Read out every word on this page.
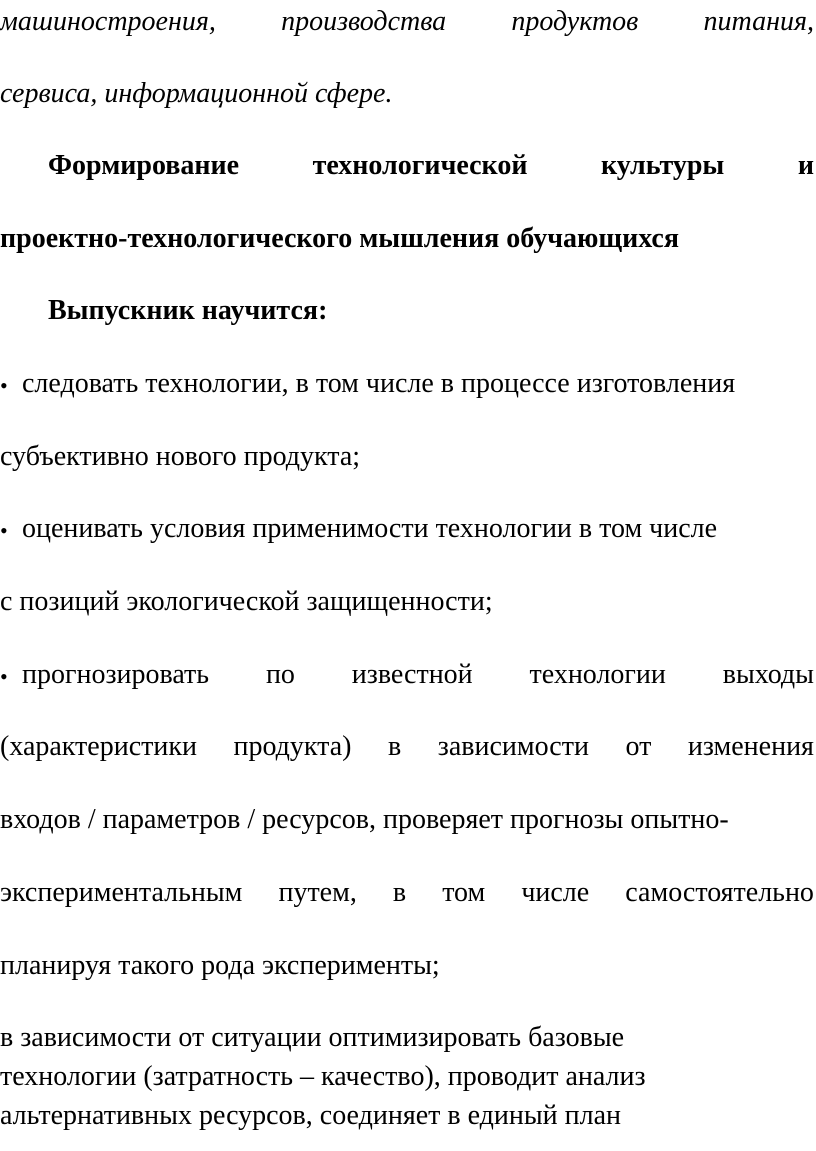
машиностроения, производства продуктов питания,
сервиса, информационной сфере.
Формирование	технологической	культуры	и
проектно-технологического мышления обучающихся
Выпускник научится:
• следовать технологии, в том числе в процессе изготовления
субъективно нового продукта;
• оценивать условия применимости технологии в том числе
с позиций экологической защищенности;
• прогнозировать по известной технологии выходы
(характеристики продукта) в зависимости от изменения
входов / параметров / ресурсов, проверяет прогнозы опытно-
экспериментальным путем, в том числе самостоятельно
планируя такого рода эксперименты;
в зависимости от ситуации оптимизировать базовые
технологии (затратность – качество), проводит анализ
альтернативных ресурсов, соединяет в единый план
